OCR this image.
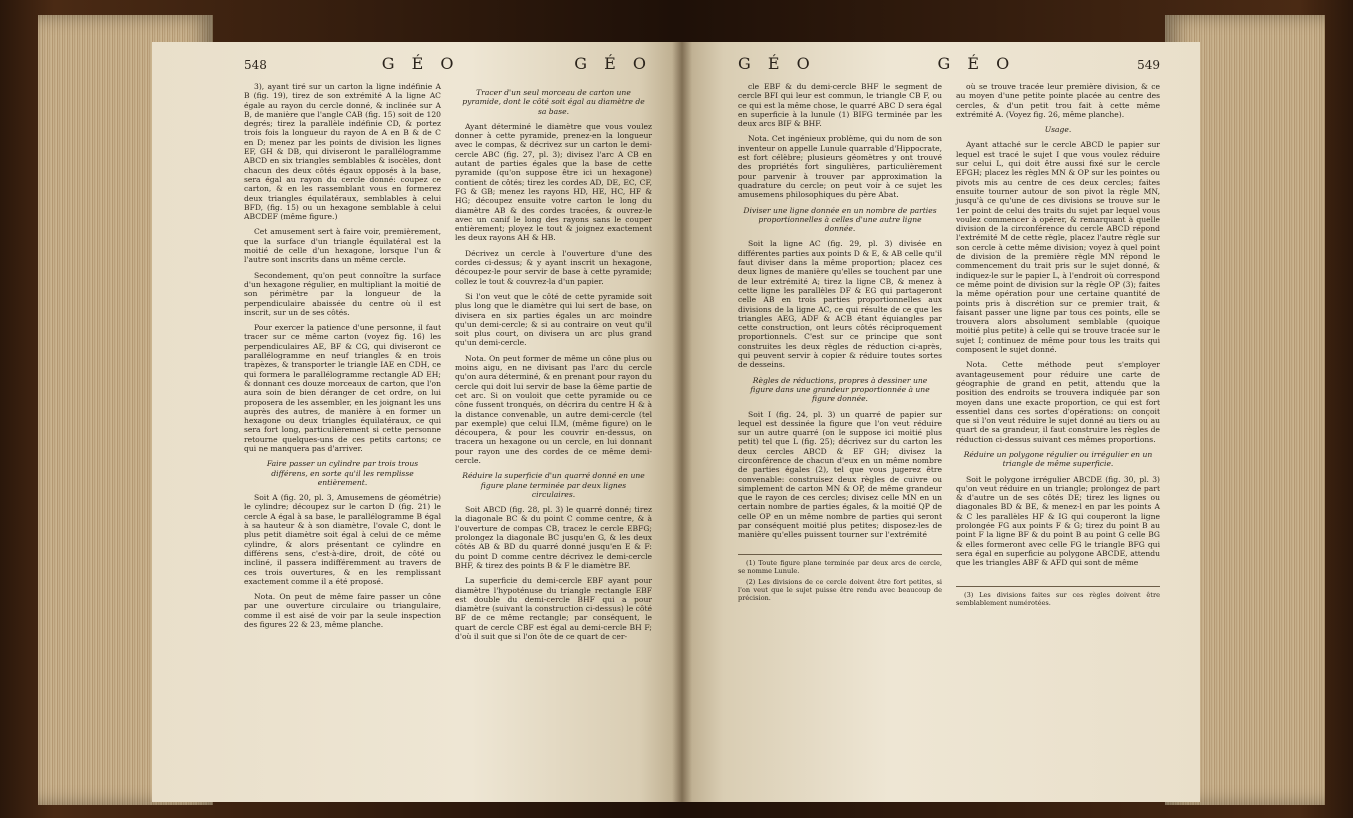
548	G É O	G É O

3), ayant tiré sur un carton la ligne indéfinie A B (fig. 19), tirez de son extrémité A la ligne AC égale au rayon du cercle donné, & inclinée sur A B, de manière que l'angle CAB (fig. 15) soit de 120 degrés; tirez la parallèle indéfinie CD, & portez trois fois la longueur du rayon de A en B & de C en D; menez par les points de division les lignes EF, GH & DB, qui diviseront le parallélogramme ABCD en six triangles semblables & isocèles, dont chacun des deux côtés égaux opposés à la base, sera égal au rayon du cercle donné: coupez ce carton, & en les rassemblant vous en formerez deux triangles équilatéraux, semblables à celui BFD, (fig. 15) ou un hexagone semblable à celui ABCDEF (même figure.)

Cet amusement sert à faire voir, premièrement, que la surface d'un triangle équilatéral est la moitié de celle d'un hexagone, lorsque l'un & l'autre sont inscrits dans un même cercle.

Secondement, qu'on peut connoître la surface d'un hexagone régulier, en multipliant la moitié de son périmètre par la longueur de la perpendiculaire abaissée du centre où il est inscrit, sur un de ses côtés.

Pour exercer la patience d'une personne, il faut tracer sur ce même carton (voyez fig. 16) les perpendiculaires AE, BF & CG, qui diviseront ce parallélogramme en neuf triangles & en trois trapèzes, & transporter le triangle IAE en CDH, ce qui formera le parallélogramme rectangle AD EH; & donnant ces douze morceaux de carton, que l'on aura soin de bien déranger de cet ordre, on lui proposera de les assembler, en les joignant les uns auprès des autres, de manière à en former un hexagone ou deux triangles équilatéraux, ce qui sera fort long, particulièrement si cette personne retourne quelques-uns de ces petits cartons; ce qui ne manquera pas d'arriver.

Faire passer un cylindre par trois trous différens, en sorte qu'il les remplisse entièrement.

Soit A (fig. 20, pl. 3, Amusemens de géométrie) le cylindre; découpez sur le carton D (fig. 21) le cercle A égal à sa base, le parallélogramme B égal à sa hauteur & à son diamètre, l'ovale C, dont le plus petit diamètre soit égal à celui de ce même cylindre, & alors présentant ce cylindre en différens sens, c'est-à-dire, droit, de côté ou incliné, il passera indifféremment au travers de ces trois ouvertures, & en les remplissant exactement comme il a été proposé.

Nota. On peut de même faire passer un cône par une ouverture circulaire ou triangulaire, comme il est aisé de voir par la seule inspection des figures 22 & 23, même planche.

Tracer d'un seul morceau de carton une pyramide, dont le côté soit égal au diamètre de sa base.

Ayant déterminé le diamètre que vous voulez donner à cette pyramide, prenez-en la longueur avec le compas, & décrivez sur un carton le demi-cercle ABC (fig. 27, pl. 3); divisez l'arc A CB en autant de parties égales que la base de cette pyramide (qu'on suppose être ici un hexagone) contient de côtés; tirez les cordes AD, DE, EC, CF, FG & GB; menez les rayons HD, HE, HC, HF & HG; découpez ensuite votre carton le long du diamètre AB & des cordes tracées, & ouvrez-le avec un canif le long des rayons sans le couper entièrement; ployez le tout & joignez exactement les deux rayons AH & HB.

Décrivez un cercle à l'ouverture d'une des cordes ci-dessus; & y ayant inscrit un hexagone, découpez-le pour servir de base à cette pyramide; collez le tout & couvrez-la d'un papier.

Si l'on veut que le côté de cette pyramide soit plus long que le diamètre qui lui sert de base, on divisera en six parties égales un arc moindre qu'un demi-cercle; & si au contraire on veut qu'il soit plus court, on divisera un arc plus grand qu'un demi-cercle.

Nota. On peut former de même un cône plus ou moins aigu, en ne divisant pas l'arc du cercle qu'on aura déterminé, & en prenant pour rayon du cercle qui doit lui servir de base la 6ème partie de cet arc. Si on vouloit que cette pyramide ou ce cône fussent tronqués, on décrira du centre H & à la distance convenable, un autre demi-cercle (tel par exemple) que celui ILM, (même figure) on le découpera, & pour les couvrir en-dessus, on tracera un hexagone ou un cercle, en lui donnant pour rayon une des cordes de ce même demi-cercle.

Réduire la superficie d'un quarré donné en une figure plane terminée par deux lignes circulaires.

Soit ABCD (fig. 28, pl. 3) le quarré donné; tirez la diagonale BC & du point C comme centre, & à l'ouverture de compas CB, tracez le cercle EBFG; prolongez la diagonale BC jusqu'en G, & les deux côtés AB & BD du quarré donné jusqu'en E & F: du point D comme centre décrivez le demi-cercle BHF, & tirez des points B & F le diamètre BF.

La superficie du demi-cercle EBF ayant pour diamètre l'hypoténuse du triangle rectangle EBF est double du demi-cercle BHF qui a pour diamètre (suivant la construction ci-dessus) le côté BF de ce même rectangle; par conséquent, le quart de cercle CBF est égal au demi-cercle BH F; d'où il suit que si l'on ôte de ce quart de cer-

G É O	G É O	549

cle EBF & du demi-cercle BHF le segment de cercle BFI qui leur est commun, le triangle CB F, ou ce qui est la même chose, le quarré ABC D sera égal en superficie à la lunule (1) BIFG terminée par les deux arcs BIF & BHF.

Nota. Cet ingénieux problème, qui du nom de son inventeur on appelle Lunule quarrable d'Hippocrate, est fort célèbre; plusieurs géomètres y ont trouvé des propriétés fort singulières, particulièrement pour parvenir à trouver par approximation la quadrature du cercle; on peut voir à ce sujet les amusemens philosophiques du père Abat.

Diviser une ligne donnée en un nombre de parties proportionnelles à celles d'une autre ligne donnée.

Soit la ligne AC (fig. 29, pl. 3) divisée en différentes parties aux points D & E, & AB celle qu'il faut diviser dans la même proportion; placez ces deux lignes de manière qu'elles se touchent par une de leur extrémité A; tirez la ligne CB, & menez à cette ligne les parallèles DF & EG qui partageront celle AB en trois parties proportionnelles aux divisions de la ligne AC, ce qui résulte de ce que les triangles AEG, ADF & ACB étant équiangles par cette construction, ont leurs côtés réciproquement proportionnels. C'est sur ce principe que sont construites les deux règles de réduction ci-après, qui peuvent servir à copier & réduire toutes sortes de desseins.

Règles de réductions, propres à dessiner une figure dans une grandeur proportionnée à une figure donnée.

Soit I (fig. 24, pl. 3) un quarré de papier sur lequel est dessinée la figure que l'on veut réduire sur un autre quarré (on le suppose ici moitié plus petit) tel que L (fig. 25); décrivez sur du carton les deux cercles ABCD & EF GH; divisez la circonférence de chacun d'eux en un même nombre de parties égales (2), tel que vous jugerez être convenable: construisez deux règles de cuivre ou simplement de carton MN & OP, de même grandeur que le rayon de ces cercles; divisez celle MN en un certain nombre de parties égales, & la moitié QP de celle OP en un même nombre de parties qui seront par conséquent moitié plus petites; disposez-les de manière qu'elles puissent tourner sur l'extrémité

(1) Toute figure plane terminée par deux arcs de cercle, se nomme Lunule.

(2) Les divisions de ce cercle doivent être fort petites, si l'on veut que le sujet puisse être rendu avec beaucoup de précision.

où se trouve tracée leur première division, & ce au moyen d'une petite pointe placée au centre des cercles, & d'un petit trou fait à cette même extrémité A. (Voyez fig. 26, même planche).

Usage.

Ayant attaché sur le cercle ABCD le papier sur lequel est tracé le sujet I que vous voulez réduire sur celui L, qui doit être aussi fixé sur le cercle EFGH; placez les règles MN & OP sur les pointes ou pivots mis au centre de ces deux cercles; faites ensuite tourner autour de son pivot la règle MN, jusqu'à ce qu'une de ces divisions se trouve sur le 1er point de celui des traits du sujet par lequel vous voulez commencer à opérer, & remarquant à quelle division de la circonférence du cercle ABCD répond l'extrémité M de cette règle, placez l'autre règle sur son cercle à cette même division; voyez à quel point de division de la première règle MN répond le commencement du trait pris sur le sujet donné, & indiquez-le sur le papier L, à l'endroit où correspond ce même point de division sur la règle OP (3); faites la même opération pour une certaine quantité de points pris à discrétion sur ce premier trait, & faisant passer une ligne par tous ces points, elle se trouvera alors absolument semblable (quoique moitié plus petite) à celle qui se trouve tracée sur le sujet I; continuez de même pour tous les traits qui composent le sujet donné.

Nota. Cette méthode peut s'employer avantageusement pour réduire une carte de géographie de grand en petit, attendu que la position des endroits se trouvera indiquée par son moyen dans une exacte proportion, ce qui est fort essentiel dans ces sortes d'opérations: on conçoit que si l'on veut réduire le sujet donné au tiers ou au quart de sa grandeur, il faut construire les règles de réduction ci-dessus suivant ces mêmes proportions.

Réduire un polygone régulier ou irrégulier en un triangle de même superficie.

Soit le polygone irrégulier ABCDE (fig. 30, pl. 3) qu'on veut réduire en un triangle; prolongez de part & d'autre un de ses côtés DE; tirez les lignes ou diagonales BD & BE, & menez-l en par les points A & C les parallèles HF & IG qui couperont la ligne prolongée FG aux points F & G; tirez du point B au point F la ligne BF & du point B au point G celle BG & elles formeront avec celle FG le triangle BFG qui sera égal en superficie au polygone ABCDE, attendu que les triangles ABF & AFD qui sont de même

(3) Les divisions faites sur ces règles doivent être semblablement numérotées.
